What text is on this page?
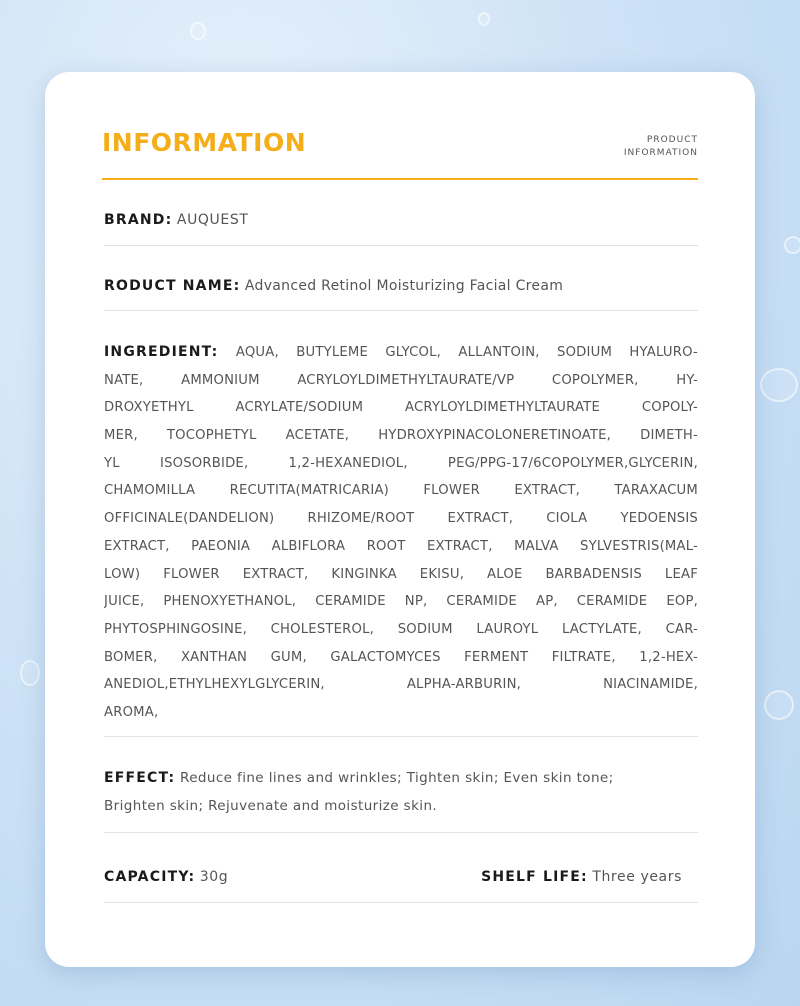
INFORMATION	PRODUCT
INFORMATION
BRAND: AUQUEST
RODUCT NAME: Advanced Retinol Moisturizing Facial Cream
INGREDIENT: AQUA, BUTYLEME GLYCOL, ALLANTOIN, SODIUM HYALURO-
NATE, AMMONIUM ACRYLOYLDIMETHYLTAURATE/VP COPOLYMER, HY-
DROXYETHYL ACRYLATE/SODIUM ACRYLOYLDIMETHYLTAURATE COPOLY-
MER, TOCOPHETYL ACETATE, HYDROXYPINACOLONERETINOATE, DIMETH-
YL ISOSORBIDE, 1,2-HEXANEDIOL, PEG/PPG-17/6COPOLYMER,GLYCERIN,
CHAMOMILLA RECUTITA(MATRICARIA) FLOWER EXTRACT, TARAXACUM
OFFICINALE(DANDELION) RHIZOME/ROOT EXTRACT, CIOLA YEDOENSIS
EXTRACT, PAEONIA ALBIFLORA ROOT EXTRACT, MALVA SYLVESTRIS(MAL-
LOW) FLOWER EXTRACT, KINGINKA EKISU, ALOE BARBADENSIS LEAF
JUICE, PHENOXYETHANOL, CERAMIDE NP, CERAMIDE AP, CERAMIDE EOP,
PHYTOSPHINGOSINE, CHOLESTEROL, SODIUM LAUROYL LACTYLATE, CAR-
BOMER, XANTHAN GUM, GALACTOMYCES FERMENT FILTRATE, 1,2-HEX-
ANEDIOL,ETHYLHEXYLGLYCERIN, ALPHA-ARBURIN, NIACINAMIDE,
AROMA,
EFFECT: Reduce fine lines and wrinkles; Tighten skin; Even skin tone;
Brighten skin; Rejuvenate and moisturize skin.
CAPACITY: 30g	SHELF LIFE: Three years
